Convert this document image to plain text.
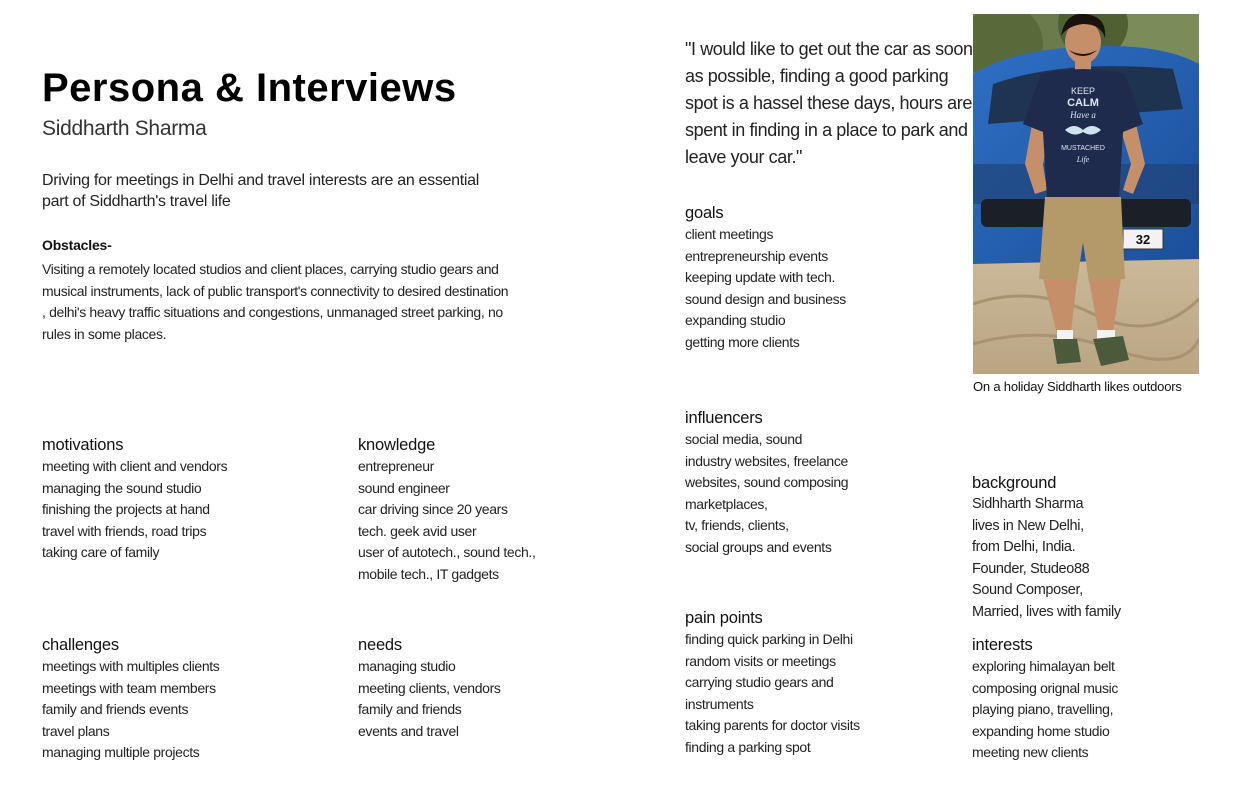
Persona & Interviews
Siddharth Sharma
Driving for meetings in Delhi and travel interests are an essential part of Siddharth's travel life
Obstacles-
Visiting a remotely located studios and client places, carrying studio gears and musical instruments, lack of public transport's connectivity to desired destination , delhi's heavy traffic situations and congestions, unmanaged street parking, no rules in some places.
"I would like to get out the car as soon as possible, finding a good parking spot is a hassel these days, hours are spent in finding in a place to park and leave your car."
motivations
meeting with client and vendors
managing the sound studio
finishing the projects at hand
travel with friends, road trips
taking care of family
knowledge
entrepreneur
sound engineer
car driving since 20 years
tech. geek avid user
user of autotech., sound tech.,
mobile tech., IT gadgets
challenges
meetings with multiples clients
meetings with team members
family and friends events
travel plans
managing multiple projects
needs
managing studio
meeting clients, vendors
family and friends
events and travel
goals
client meetings
entrepreneurship events
keeping update with tech.
sound design and business
expanding studio
getting more clients
influencers
social media, sound
industry websites, freelance
websites, sound composing
marketplaces,
tv, friends, clients,
social groups and events
pain points
finding quick parking in Delhi
random visits or meetings
carrying studio gears and
instruments
taking parents for doctor visits
finding a parking spot
background
Sidhharth Sharma
lives in New Delhi,
from Delhi, India.
Founder, Studeo88
Sound Composer,
Married, lives with family
interests
exploring himalayan belt
composing orignal music
playing piano, travelling,
expanding home studio
meeting new clients
32
KEEP
CALM
Have a
MUSTACHED
Life
On a holiday Siddharth likes outdoors
